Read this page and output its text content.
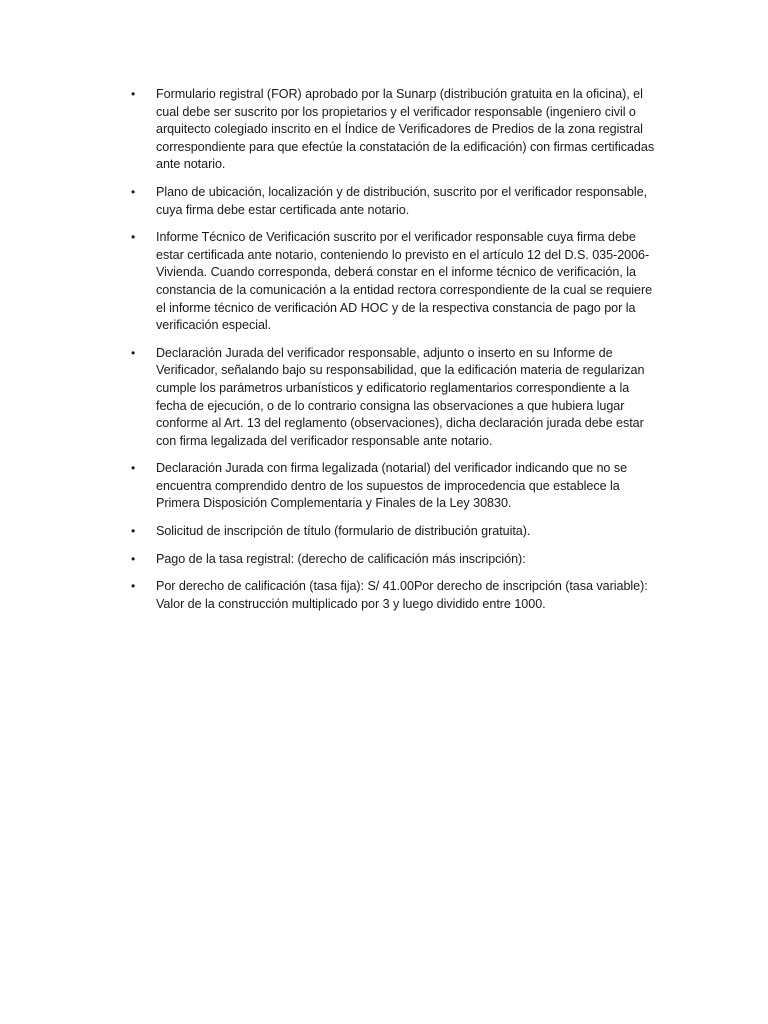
• Formulario registral (FOR) aprobado por la Sunarp (distribución gratuita en la oficina), el cual debe ser suscrito por los propietarios y el verificador responsable (ingeniero civil o arquitecto colegiado inscrito en el Índice de Verificadores de Predios de la zona registral correspondiente para que efectúe la constatación de la edificación) con firmas certificadas ante notario.
• Plano de ubicación, localización y de distribución, suscrito por el verificador responsable, cuya firma debe estar certificada ante notario.
• Informe Técnico de Verificación suscrito por el verificador responsable cuya firma debe estar certificada ante notario, conteniendo lo previsto en el artículo 12 del D.S. 035-2006-Vivienda. Cuando corresponda, deberá constar en el informe técnico de verificación, la constancia de la comunicación a la entidad rectora correspondiente de la cual se requiere el informe técnico de verificación AD HOC y de la respectiva constancia de pago por la verificación especial.
• Declaración Jurada del verificador responsable, adjunto o inserto en su Informe de Verificador, señalando bajo su responsabilidad, que la edificación materia de regularizan cumple los parámetros urbanísticos y edificatorio reglamentarios correspondiente a la fecha de ejecución, o de lo contrario consigna las observaciones a que hubiera lugar conforme al Art. 13 del reglamento (observaciones), dicha declaración jurada debe estar con firma legalizada del verificador responsable ante notario.
• Declaración Jurada con firma legalizada (notarial) del verificador indicando que no se encuentra comprendido dentro de los supuestos de improcedencia que establece la Primera Disposición Complementaria y Finales de la Ley 30830.
• Solicitud de inscripción de título (formulario de distribución gratuita).
• Pago de la tasa registral: (derecho de calificación más inscripción):
• Por derecho de calificación (tasa fija): S/ 41.00Por derecho de inscripción (tasa variable): Valor de la construcción multiplicado por 3 y luego dividido entre 1000.
